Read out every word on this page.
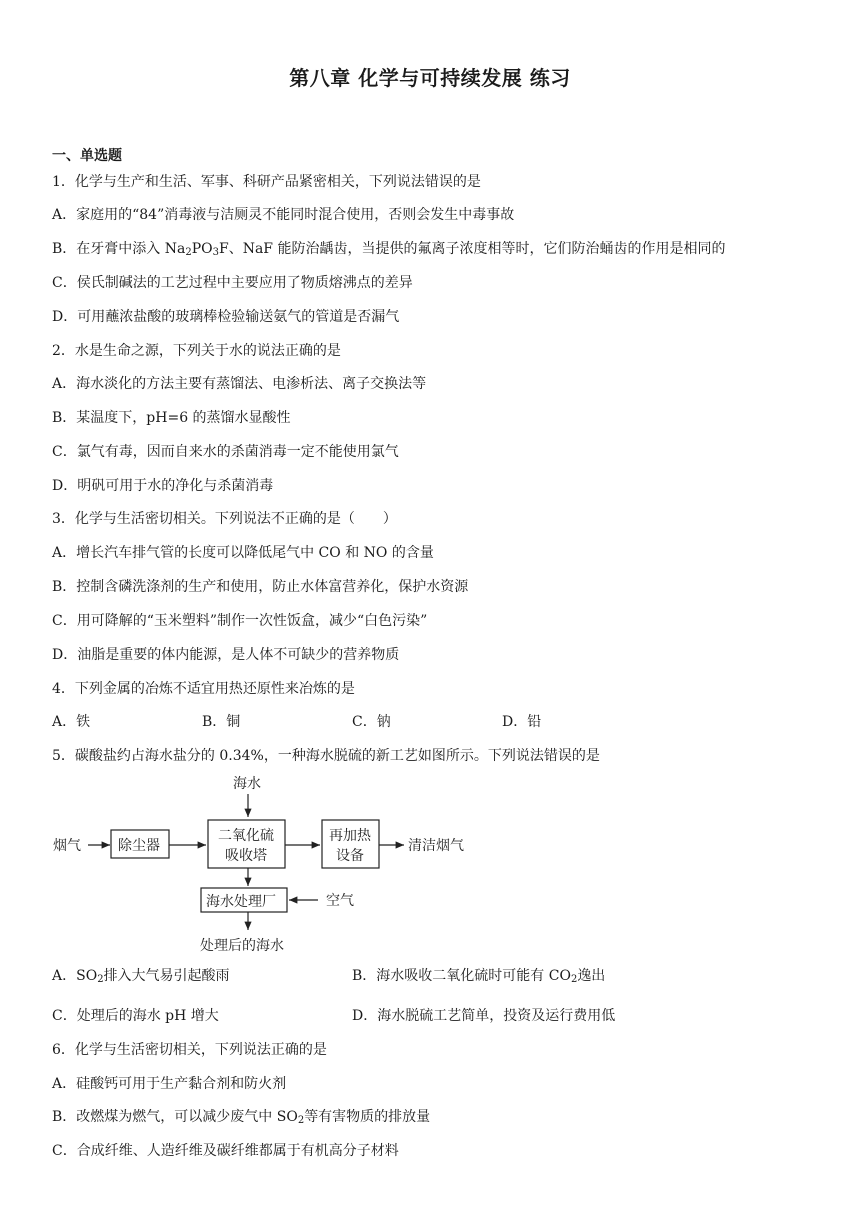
第八章 化学与可持续发展 练习
一、单选题
1．化学与生产和生活、军事、科研产品紧密相关，下列说法错误的是
A．家庭用的“84”消毒液与洁厕灵不能同时混合使用，否则会发生中毒事故
B．在牙膏中添入 $Na_2PO_3F$、NaF 能防治龋齿，当提供的氟离子浓度相等时，它们防治蛹齿的作用是相同的
C．侯氏制碱法的工艺过程中主要应用了物质熔沸点的差异
D．可用蘸浓盐酸的玻璃棒检验输送氨气的管道是否漏气
2．水是生命之源，下列关于水的说法正确的是
A．海水淡化的方法主要有蒸馏法、电渗析法、离子交换法等
B．某温度下，pH=6 的蒸馏水显酸性
C．氯气有毒，因而自来水的杀菌消毒一定不能使用氯气
D．明矾可用于水的净化与杀菌消毒
3．化学与生活密切相关。下列说法不正确的是（　　）
A．增长汽车排气管的长度可以降低尾气中 CO 和 NO 的含量
B．控制含磷洗涤剂的生产和使用，防止水体富营养化，保护水资源
C．用可降解的“玉米塑料”制作一次性饭盒，减少“白色污染”
D．油脂是重要的体内能源，是人体不可缺少的营养物质
4．下列金属的冶炼不适宜用热还原性来冶炼的是
A．铁	B．铜	C．钠	D．铅
5．碳酸盐约占海水盐分的 0.34%，一种海水脱硫的新工艺如图所示。下列说法错误的是
海水
烟气	除尘器
二氧化硫
吸收塔
再加热
设备
清洁烟气
海水处理厂	空气
处理后的海水
A．$SO_2$排入大气易引起酸雨	B．海水吸收二氧化硫时可能有 $CO_2$逸出
C．处理后的海水 pH 增大	D．海水脱硫工艺简单，投资及运行费用低
6．化学与生活密切相关，下列说法正确的是
A．硅酸钙可用于生产黏合剂和防火剂
B．改燃煤为燃气，可以减少废气中 $SO_2$等有害物质的排放量
C．合成纤维、人造纤维及碳纤维都属于有机高分子材料
